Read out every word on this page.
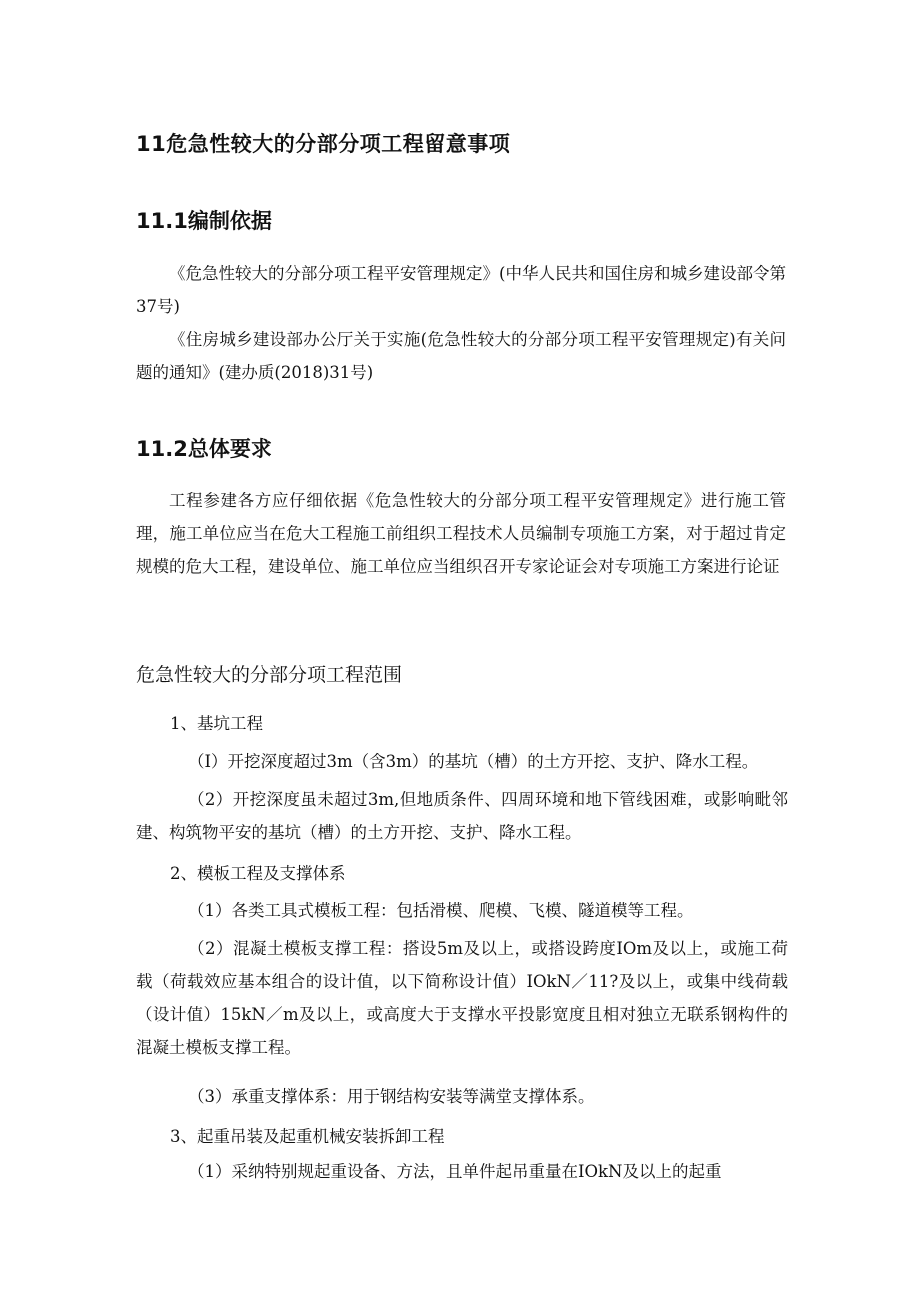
11危急性较大的分部分项工程留意事项
11.1编制依据
《危急性较大的分部分项工程平安管理规定》(中华人民共和国住房和城乡建设部令第37号)
《住房城乡建设部办公厅关于实施(危急性较大的分部分项工程平安管理规定)有关问题的通知》(建办质(2018)31号)
11.2总体要求
工程参建各方应仔细依据《危急性较大的分部分项工程平安管理规定》进行施工管理，施工单位应当在危大工程施工前组织工程技术人员编制专项施工方案，对于超过肯定规模的危大工程，建设单位、施工单位应当组织召开专家论证会对专项施工方案进行论证
危急性较大的分部分项工程范围
1、基坑工程
（I）开挖深度超过3m（含3m）的基坑（槽）的土方开挖、支护、降水工程。
（2）开挖深度虽未超过3m,但地质条件、四周环境和地下管线困难，或影响毗邻建、构筑物平安的基坑（槽）的土方开挖、支护、降水工程。
2、模板工程及支撑体系
（1）各类工具式模板工程：包括滑模、爬模、飞模、隧道模等工程。
（2）混凝土模板支撑工程：搭设5m及以上，或搭设跨度IOm及以上，或施工荷载（荷载效应基本组合的设计值，以下简称设计值）IOkN／11?及以上，或集中线荷载（设计值）15kN／m及以上，或高度大于支撑水平投影宽度且相对独立无联系钢构件的混凝土模板支撑工程。
（3）承重支撑体系：用于钢结构安装等满堂支撑体系。
3、起重吊装及起重机械安装拆卸工程
（1）采纳特别规起重设备、方法，且单件起吊重量在IOkN及以上的起重
